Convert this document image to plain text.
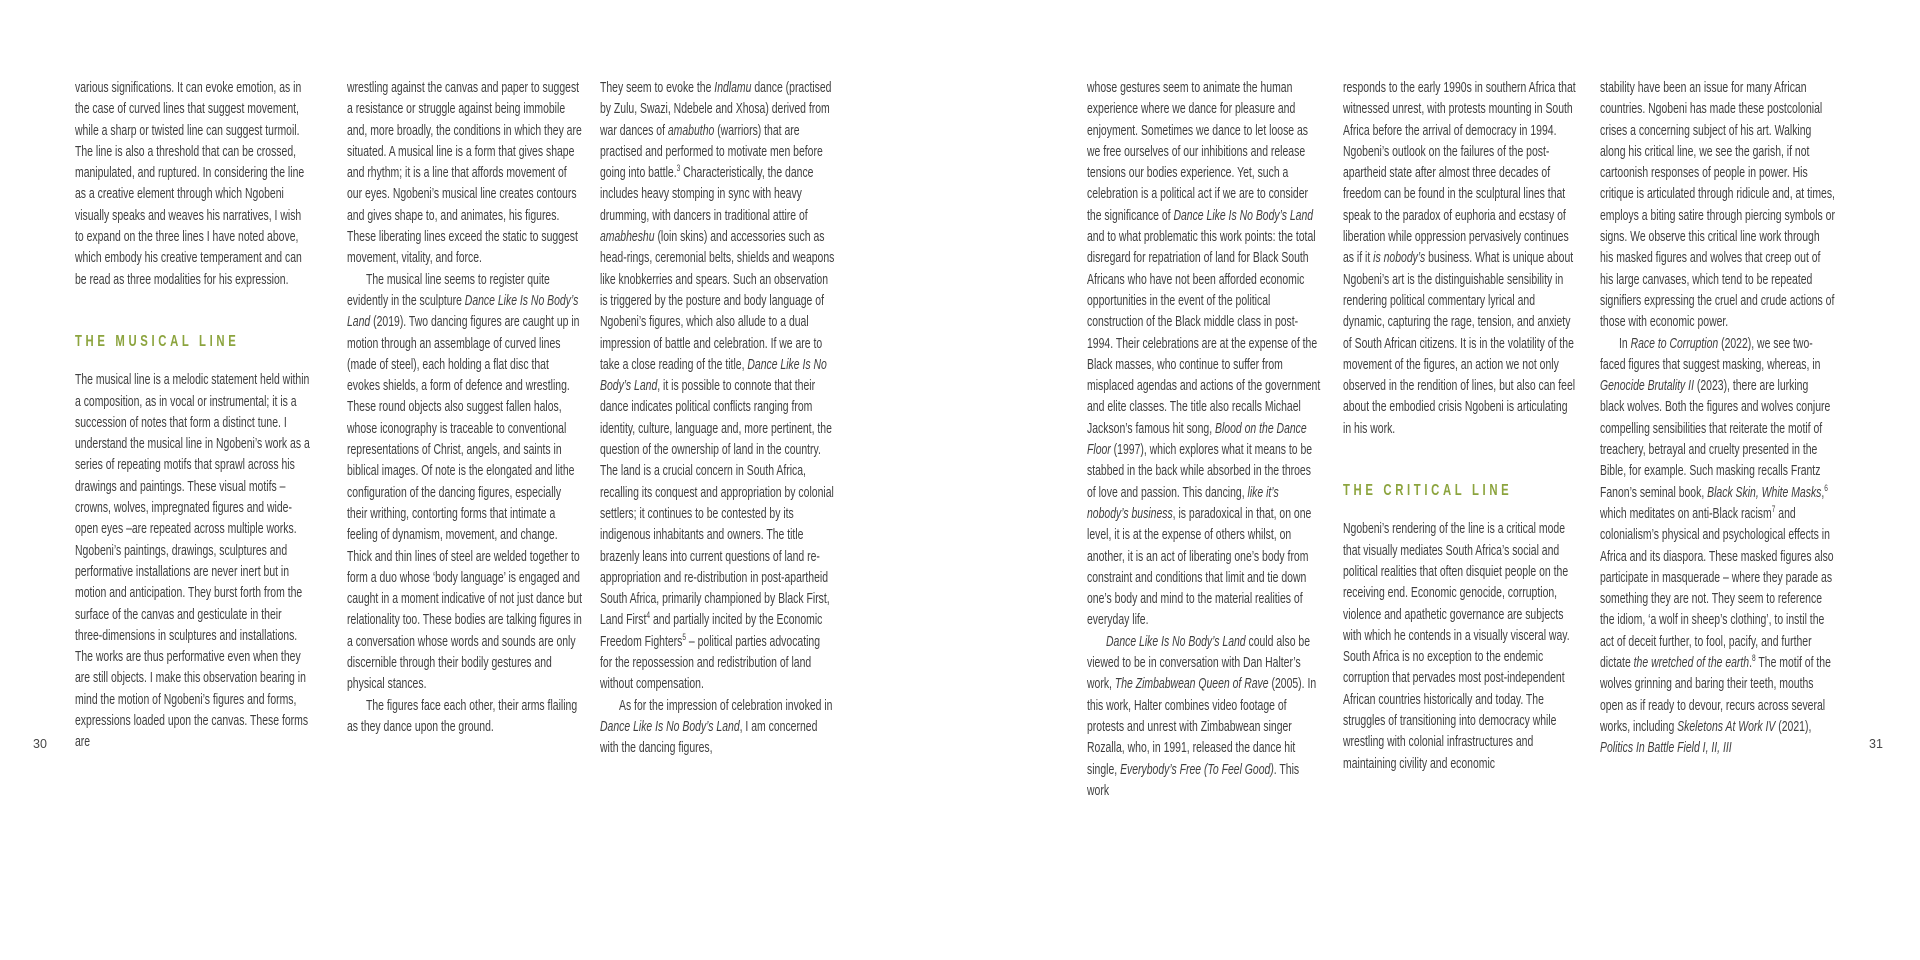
various significations. It can evoke emotion, as in the case of curved lines that suggest movement, while a sharp or twisted line can suggest turmoil. The line is also a threshold that can be crossed, manipulated, and ruptured. In considering the line as a creative element through which Ngobeni visually speaks and weaves his narratives, I wish to expand on the three lines I have noted above, which embody his creative temperament and can be read as three modalities for his expression.

THE MUSICAL LINE

The musical line is a melodic statement held within a composition, as in vocal or instrumental; it is a succession of notes that form a distinct tune. I understand the musical line in Ngobeni’s work as a series of repeating motifs that sprawl across his drawings and paintings. These visual motifs – crowns, wolves, impregnated figures and wide-open eyes –are repeated across multiple works. Ngobeni’s paintings, drawings, sculptures and performative installations are never inert but in motion and anticipation. They burst forth from the surface of the canvas and gesticulate in their three-dimensions in sculptures and installations. The works are thus performative even when they are still objects. I make this observation bearing in mind the motion of Ngobeni’s figures and forms, expressions loaded upon the canvas. These forms are

wrestling against the canvas and paper to suggest a resistance or struggle against being immobile and, more broadly, the conditions in which they are situated. A musical line is a form that gives shape and rhythm; it is a line that affords movement of our eyes. Ngobeni’s musical line creates contours and gives shape to, and animates, his figures. These liberating lines exceed the static to suggest movement, vitality, and force.

The musical line seems to register quite evidently in the sculpture Dance Like Is No Body’s Land (2019). Two dancing figures are caught up in motion through an assemblage of curved lines (made of steel), each holding a flat disc that evokes shields, a form of defence and wrestling. These round objects also suggest fallen halos, whose iconography is traceable to conventional representations of Christ, angels, and saints in biblical images. Of note is the elongated and lithe configuration of the dancing figures, especially their writhing, contorting forms that intimate a feeling of dynamism, movement, and change. Thick and thin lines of steel are welded together to form a duo whose ‘body language’ is engaged and caught in a moment indicative of not just dance but relationality too. These bodies are talking figures in a conversation whose words and sounds are only discernible through their bodily gestures and physical stances.

The figures face each other, their arms flailing as they dance upon the ground.

They seem to evoke the Indlamu dance (practised by Zulu, Swazi, Ndebele and Xhosa) derived from war dances of amabutho (warriors) that are practised and performed to motivate men before going into battle.$^3$ Characteristically, the dance includes heavy stomping in sync with heavy drumming, with dancers in traditional attire of amabheshu (loin skins) and accessories such as head-rings, ceremonial belts, shields and weapons like knobkerries and spears. Such an observation is triggered by the posture and body language of Ngobeni’s figures, which also allude to a dual impression of battle and celebration. If we are to take a close reading of the title, Dance Like Is No Body’s Land, it is possible to connote that their dance indicates political conflicts ranging from identity, culture, language and, more pertinent, the question of the ownership of land in the country. The land is a crucial concern in South Africa, recalling its conquest and appropriation by colonial settlers; it continues to be contested by its indigenous inhabitants and owners. The title brazenly leans into current questions of land re-appropriation and re-distribution in post-apartheid South Africa, primarily championed by Black First, Land First$^4$ and partially incited by the Economic Freedom Fighters$^5$ – political parties advocating for the repossession and redistribution of land without compensation.

As for the impression of celebration invoked in Dance Like Is No Body’s Land, I am concerned with the dancing figures,

whose gestures seem to animate the human experience where we dance for pleasure and enjoyment. Sometimes we dance to let loose as we free ourselves of our inhibitions and release tensions our bodies experience. Yet, such a celebration is a political act if we are to consider the significance of Dance Like Is No Body’s Land and to what problematic this work points: the total disregard for repatriation of land for Black South Africans who have not been afforded economic opportunities in the event of the political construction of the Black middle class in post-1994. Their celebrations are at the expense of the Black masses, who continue to suffer from misplaced agendas and actions of the government and elite classes. The title also recalls Michael Jackson’s famous hit song, Blood on the Dance Floor (1997), which explores what it means to be stabbed in the back while absorbed in the throes of love and passion. This dancing, like it’s nobody’s business, is paradoxical in that, on one level, it is at the expense of others whilst, on another, it is an act of liberating one’s body from constraint and conditions that limit and tie down one’s body and mind to the material realities of everyday life.

Dance Like Is No Body’s Land could also be viewed to be in conversation with Dan Halter’s work, The Zimbabwean Queen of Rave (2005). In this work, Halter combines video footage of protests and unrest with Zimbabwean singer Rozalla, who, in 1991, released the dance hit single, Everybody’s Free (To Feel Good). This work

responds to the early 1990s in southern Africa that witnessed unrest, with protests mounting in South Africa before the arrival of democracy in 1994. Ngobeni’s outlook on the failures of the post-apartheid state after almost three decades of freedom can be found in the sculptural lines that speak to the paradox of euphoria and ecstasy of liberation while oppression pervasively continues as if it is nobody’s business. What is unique about Ngobeni’s art is the distinguishable sensibility in rendering political commentary lyrical and dynamic, capturing the rage, tension, and anxiety of South African citizens. It is in the volatility of the movement of the figures, an action we not only observed in the rendition of lines, but also can feel about the embodied crisis Ngobeni is articulating in his work.

THE CRITICAL LINE

Ngobeni’s rendering of the line is a critical mode that visually mediates South Africa’s social and political realities that often disquiet people on the receiving end. Economic genocide, corruption, violence and apathetic governance are subjects with which he contends in a visually visceral way. South Africa is no exception to the endemic corruption that pervades most post-independent African countries historically and today. The struggles of transitioning into democracy while wrestling with colonial infrastructures and maintaining civility and economic

stability have been an issue for many African countries. Ngobeni has made these postcolonial crises a concerning subject of his art. Walking along his critical line, we see the garish, if not cartoonish responses of people in power. His critique is articulated through ridicule and, at times, employs a biting satire through piercing symbols or signs. We observe this critical line work through his masked figures and wolves that creep out of his large canvases, which tend to be repeated signifiers expressing the cruel and crude actions of those with economic power.

In Race to Corruption (2022), we see two-faced figures that suggest masking, whereas, in Genocide Brutality II (2023), there are lurking black wolves. Both the figures and wolves conjure compelling sensibilities that reiterate the motif of treachery, betrayal and cruelty presented in the Bible, for example. Such masking recalls Frantz Fanon’s seminal book, Black Skin, White Masks,$^6$ which meditates on anti-Black racism$^7$ and colonialism’s physical and psychological effects in Africa and its diaspora. These masked figures also participate in masquerade – where they parade as something they are not. They seem to reference the idiom, ‘a wolf in sheep’s clothing’, to instil the act of deceit further, to fool, pacify, and further dictate the wretched of the earth.$^8$ The motif of the wolves grinning and baring their teeth, mouths open as if ready to devour, recurs across several works, including Skeletons At Work IV (2021), Politics In Battle Field I, II, III

30	31
